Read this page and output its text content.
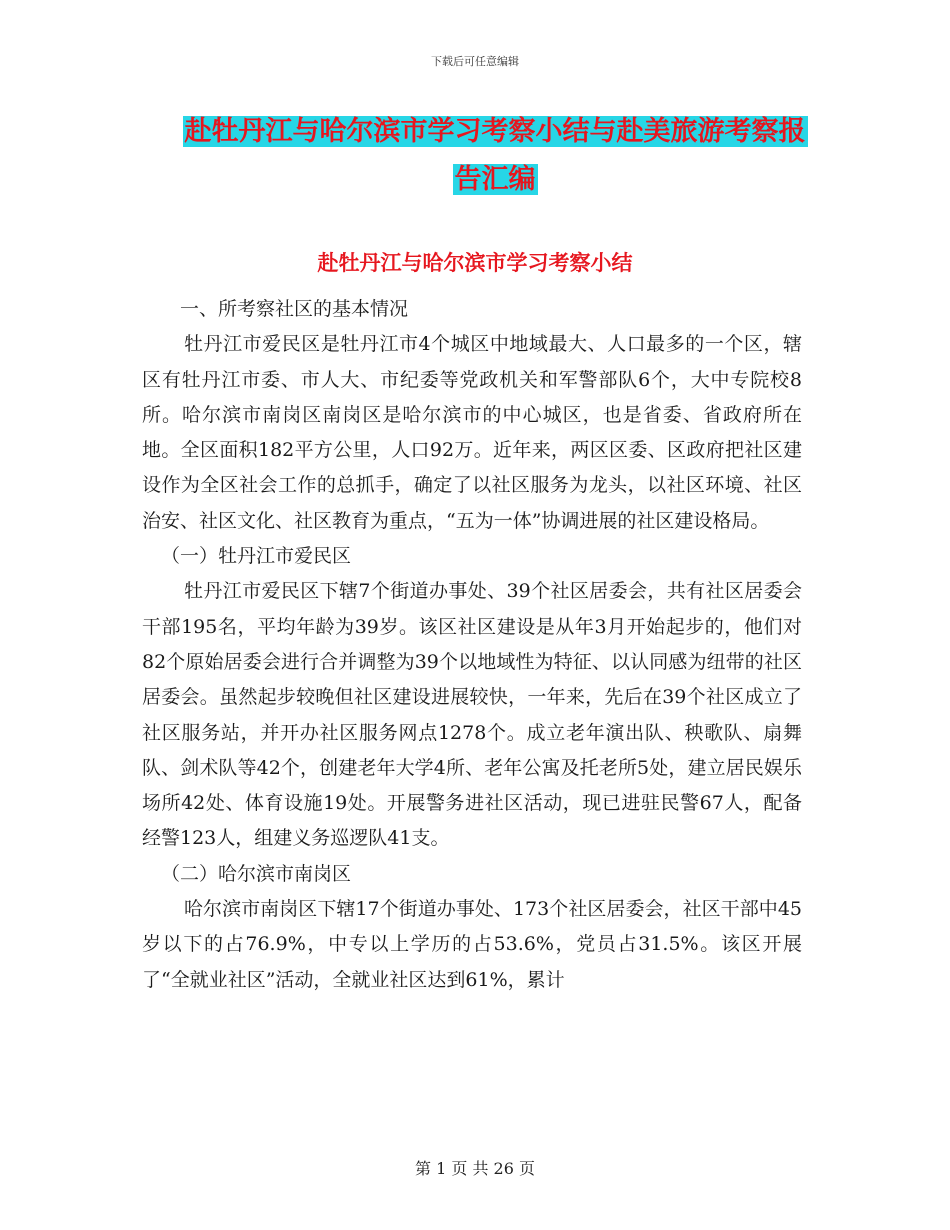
下载后可任意编辑
赴牡丹江与哈尔滨市学习考察小结与赴美旅游考察报
告汇编
赴牡丹江与哈尔滨市学习考察小结

一、所考察社区的基本情况

牡丹江市爱民区是牡丹江市4个城区中地域最大、人口最多的一个区，辖区有牡丹江市委、市人大、市纪委等党政机关和军警部队6个，大中专院校8所。哈尔滨市南岗区南岗区是哈尔滨市的中心城区，也是省委、省政府所在地。全区面积182平方公里，人口92万。近年来，两区区委、区政府把社区建设作为全区社会工作的总抓手，确定了以社区服务为龙头，以社区环境、社区治安、社区文化、社区教育为重点，“五为一体”协调进展的社区建设格局。

（一）牡丹江市爱民区

牡丹江市爱民区下辖7个街道办事处、39个社区居委会，共有社区居委会干部195名，平均年龄为39岁。该区社区建设是从年3月开始起步的，他们对82个原始居委会进行合并调整为39个以地域性为特征、以认同感为纽带的社区居委会。虽然起步较晚但社区建设进展较快，一年来，先后在39个社区成立了社区服务站，并开办社区服务网点1278个。成立老年演出队、秧歌队、扇舞队、剑术队等42个，创建老年大学4所、老年公寓及托老所5处，建立居民娱乐场所42处、体育设施19处。开展警务进社区活动，现已进驻民警67人，配备经警123人，组建义务巡逻队41支。

（二）哈尔滨市南岗区

哈尔滨市南岗区下辖17个街道办事处、173个社区居委会，社区干部中45岁以下的占76.9%，中专以上学历的占53.6%，党员占31.5%。该区开展了“全就业社区”活动，全就业社区达到61%，累计

第 1 页 共 26 页
